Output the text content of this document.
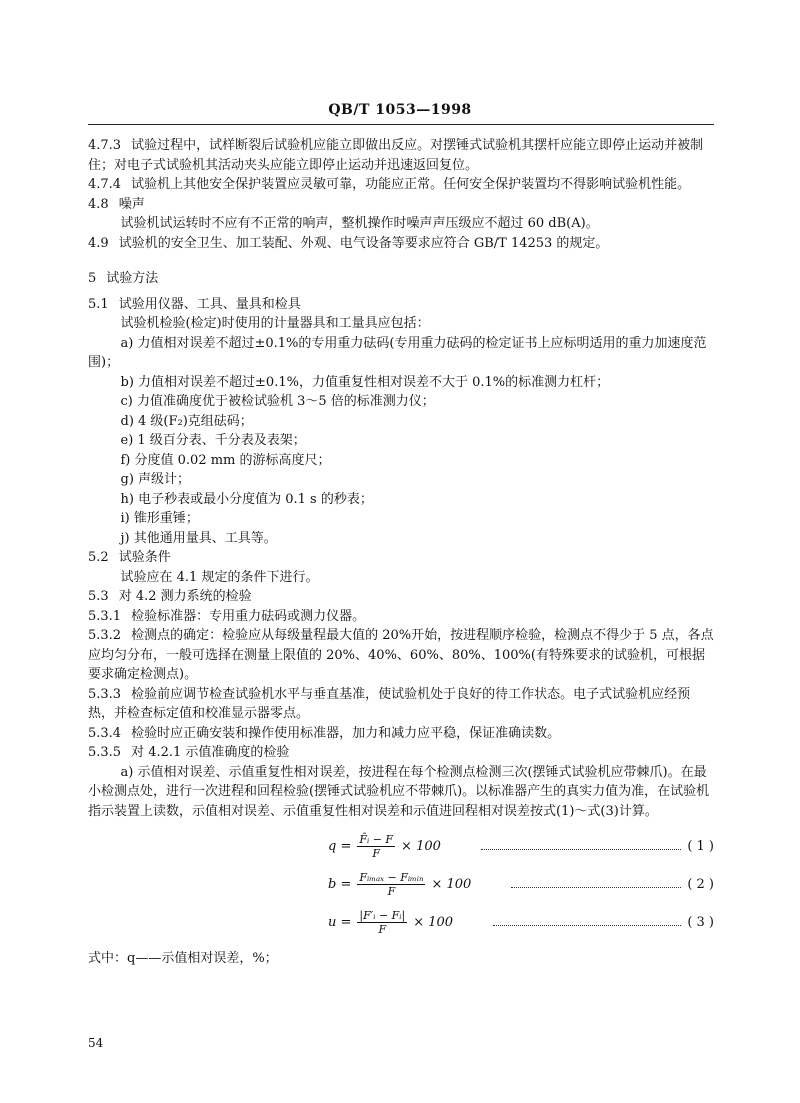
QB/T 1053—1998

4.7.3 试验过程中，试样断裂后试验机应能立即做出反应。对摆锤式试验机其摆杆应能立即停止运动并被制住；对电子式试验机其活动夹头应能立即停止运动并迅速返回复位。

4.7.4 试验机上其他安全保护装置应灵敏可靠，功能应正常。任何安全保护装置均不得影响试验机性能。

4.8 噪声

试验机试运转时不应有不正常的响声，整机操作时噪声声压级应不超过 60 dB(A)。

4.9 试验机的安全卫生、加工装配、外观、电气设备等要求应符合 GB/T 14253 的规定。

5 试验方法

5.1 试验用仪器、工具、量具和检具

试验机检验(检定)时使用的计量器具和工量具应包括：

a) 力值相对误差不超过±0.1%的专用重力砝码(专用重力砝码的检定证书上应标明适用的重力加速度范围)；

b) 力值相对误差不超过±0.1%，力值重复性相对误差不大于 0.1%的标准测力杠杆；

c) 力值准确度优于被检试验机 3～5 倍的标准测力仪；

d) 4 级(F₂)克组砝码；

e) 1 级百分表、千分表及表架；

f) 分度值 0.02 mm 的游标高度尺；

g) 声级计；

h) 电子秒表或最小分度值为 0.1 s 的秒表；

i) 锥形重锤；

j) 其他通用量具、工具等。

5.2 试验条件

试验应在 4.1 规定的条件下进行。

5.3 对 4.2 测力系统的检验

5.3.1 检验标准器：专用重力砝码或测力仪器。

5.3.2 检测点的确定：检验应从每级量程最大值的 20%开始，按进程顺序检验，检测点不得少于 5 点，各点应均匀分布，一般可选择在测量上限值的 20%、40%、60%、80%、100%(有特殊要求的试验机，可根据要求确定检测点)。

5.3.3 检验前应调节检查试验机水平与垂直基准，使试验机处于良好的待工作状态。电子式试验机应经预热，并检查标定值和校准显示器零点。

5.3.4 检验时应正确安装和操作使用标准器，加力和减力应平稳，保证准确读数。

5.3.5 对 4.2.1 示值准确度的检验

a) 示值相对误差、示值重复性相对误差，按进程在每个检测点检测三次(摆锤式试验机应带棘爪)。在最小检测点处，进行一次进程和回程检验(摆锤式试验机应不带棘爪)。以标准器产生的真实力值为准，在试验机指示装置上读数，示值相对误差、示值重复性相对误差和示值进回程相对误差按式(1)～式(3)计算。

$q = \frac{\text{F̄ᵢ − F}}{F} \times 100$	( 1 )
$b = \frac{\text{Fᵢₘₐₓ − Fᵢₘᵢₙ}}{F} \times 100$	( 2 )
$u = \frac{\text{|F′ᵢ − Fᵢ|}}{F} \times 100$	( 3 )

式中：q——示值相对误差，%；

54
